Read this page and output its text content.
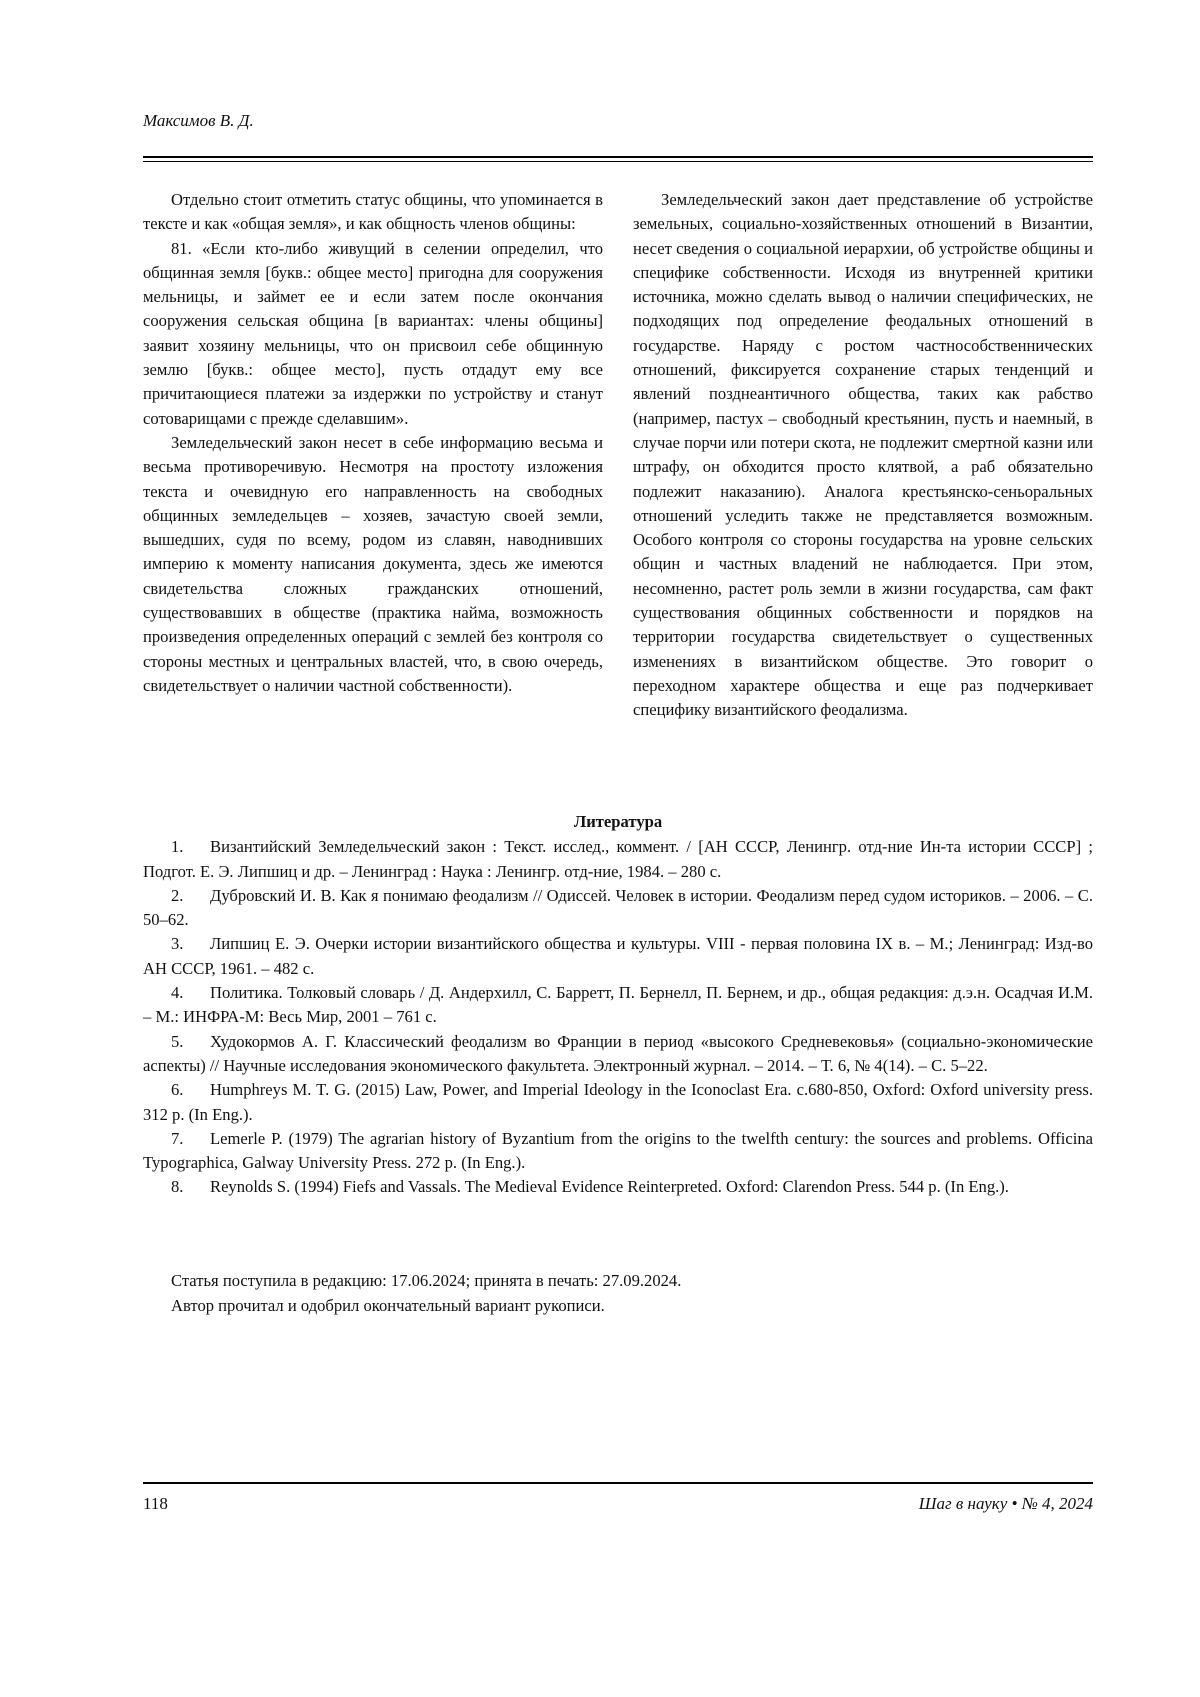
Максимов В. Д.

Отдельно стоит отметить статус общины, что упоминается в тексте и как «общая земля», и как общность членов общины:

81. «Если кто-либо живущий в селении определил, что общинная земля [букв.: общее место] пригодна для сооружения мельницы, и займет ее и если затем после окончания сооружения сельская община [в вариантах: члены общины] заявит хозяину мельницы, что он присвоил себе общинную землю [букв.: общее место], пусть отдадут ему все причитающиеся платежи за издержки по устройству и станут сотоварищами с прежде сделавшим».

Земледельческий закон несет в себе информацию весьма и весьма противоречивую. Несмотря на простоту изложения текста и очевидную его направленность на свободных общинных земледельцев – хозяев, зачастую своей земли, вышедших, судя по всему, родом из славян, наводнивших империю к моменту написания документа, здесь же имеются свидетельства сложных гражданских отношений, существовавших в обществе (практика найма, возможность произведения определенных операций с землей без контроля со стороны местных и центральных властей, что, в свою очередь, свидетельствует о наличии частной собственности).

Земледельческий закон дает представление об устройстве земельных, социально-хозяйственных отношений в Византии, несет сведения о социальной иерархии, об устройстве общины и специфике собственности. Исходя из внутренней критики источника, можно сделать вывод о наличии специфических, не подходящих под определение феодальных отношений в государстве. Наряду с ростом частнособственнических отношений, фиксируется сохранение старых тенденций и явлений позднеантичного общества, таких как рабство (например, пастух – свободный крестьянин, пусть и наемный, в случае порчи или потери скота, не подлежит смертной казни или штрафу, он обходится просто клятвой, а раб обязательно подлежит наказанию). Аналога крестьянско-сеньоральных отношений уследить также не представляется возможным. Особого контроля со стороны государства на уровне сельских общин и частных владений не наблюдается. При этом, несомненно, растет роль земли в жизни государства, сам факт существования общинных собственности и порядков на территории государства свидетельствует о существенных изменениях в византийском обществе. Это говорит о переходном характере общества и еще раз подчеркивает специфику византийского феодализма.

Литература

1. Византийский Земледельческий закон : Текст. исслед., коммент. / [АН СССР, Ленингр. отд-ние Ин-та истории СССР] ; Подгот. Е. Э. Липшиц и др. – Ленинград : Наука : Ленингр. отд-ние, 1984. – 280 с.

2. Дубровский И. В. Как я понимаю феодализм // Одиссей. Человек в истории. Феодализм перед судом историков. – 2006. – С. 50–62.

3. Липшиц Е. Э. Очерки истории византийского общества и культуры. VIII - первая половина IX в. – М.; Ленинград: Изд-во АН СССР, 1961. – 482 с.

4. Политика. Толковый словарь / Д. Андерхилл, С. Барретт, П. Бернелл, П. Бернем, и др., общая редакция: д.э.н. Осадчая И.М. – М.: ИНФРА-М: Весь Мир, 2001 – 761 с.

5. Худокормов А. Г. Классический феодализм во Франции в период «высокого Средневековья» (социально-экономические аспекты) // Научные исследования экономического факультета. Электронный журнал. – 2014. – Т. 6, № 4(14). – С. 5–22.

6. Humphreys M. T. G. (2015) Law, Power, and Imperial Ideology in the Iconoclast Era. c.680-850, Oxford: Oxford university press. 312 p. (In Eng.).

7. Lemerle P. (1979) The agrarian history of Byzantium from the origins to the twelfth century: the sources and problems. Officina Typographica, Galway University Press. 272 p. (In Eng.).

8. Reynolds S. (1994) Fiefs and Vassals. The Medieval Evidence Reinterpreted. Oxford: Clarendon Press. 544 p. (In Eng.).

Статья поступила в редакцию: 17.06.2024; принята в печать: 27.09.2024.

Автор прочитал и одобрил окончательный вариант рукописи.

118	Шаг в науку • № 4, 2024
